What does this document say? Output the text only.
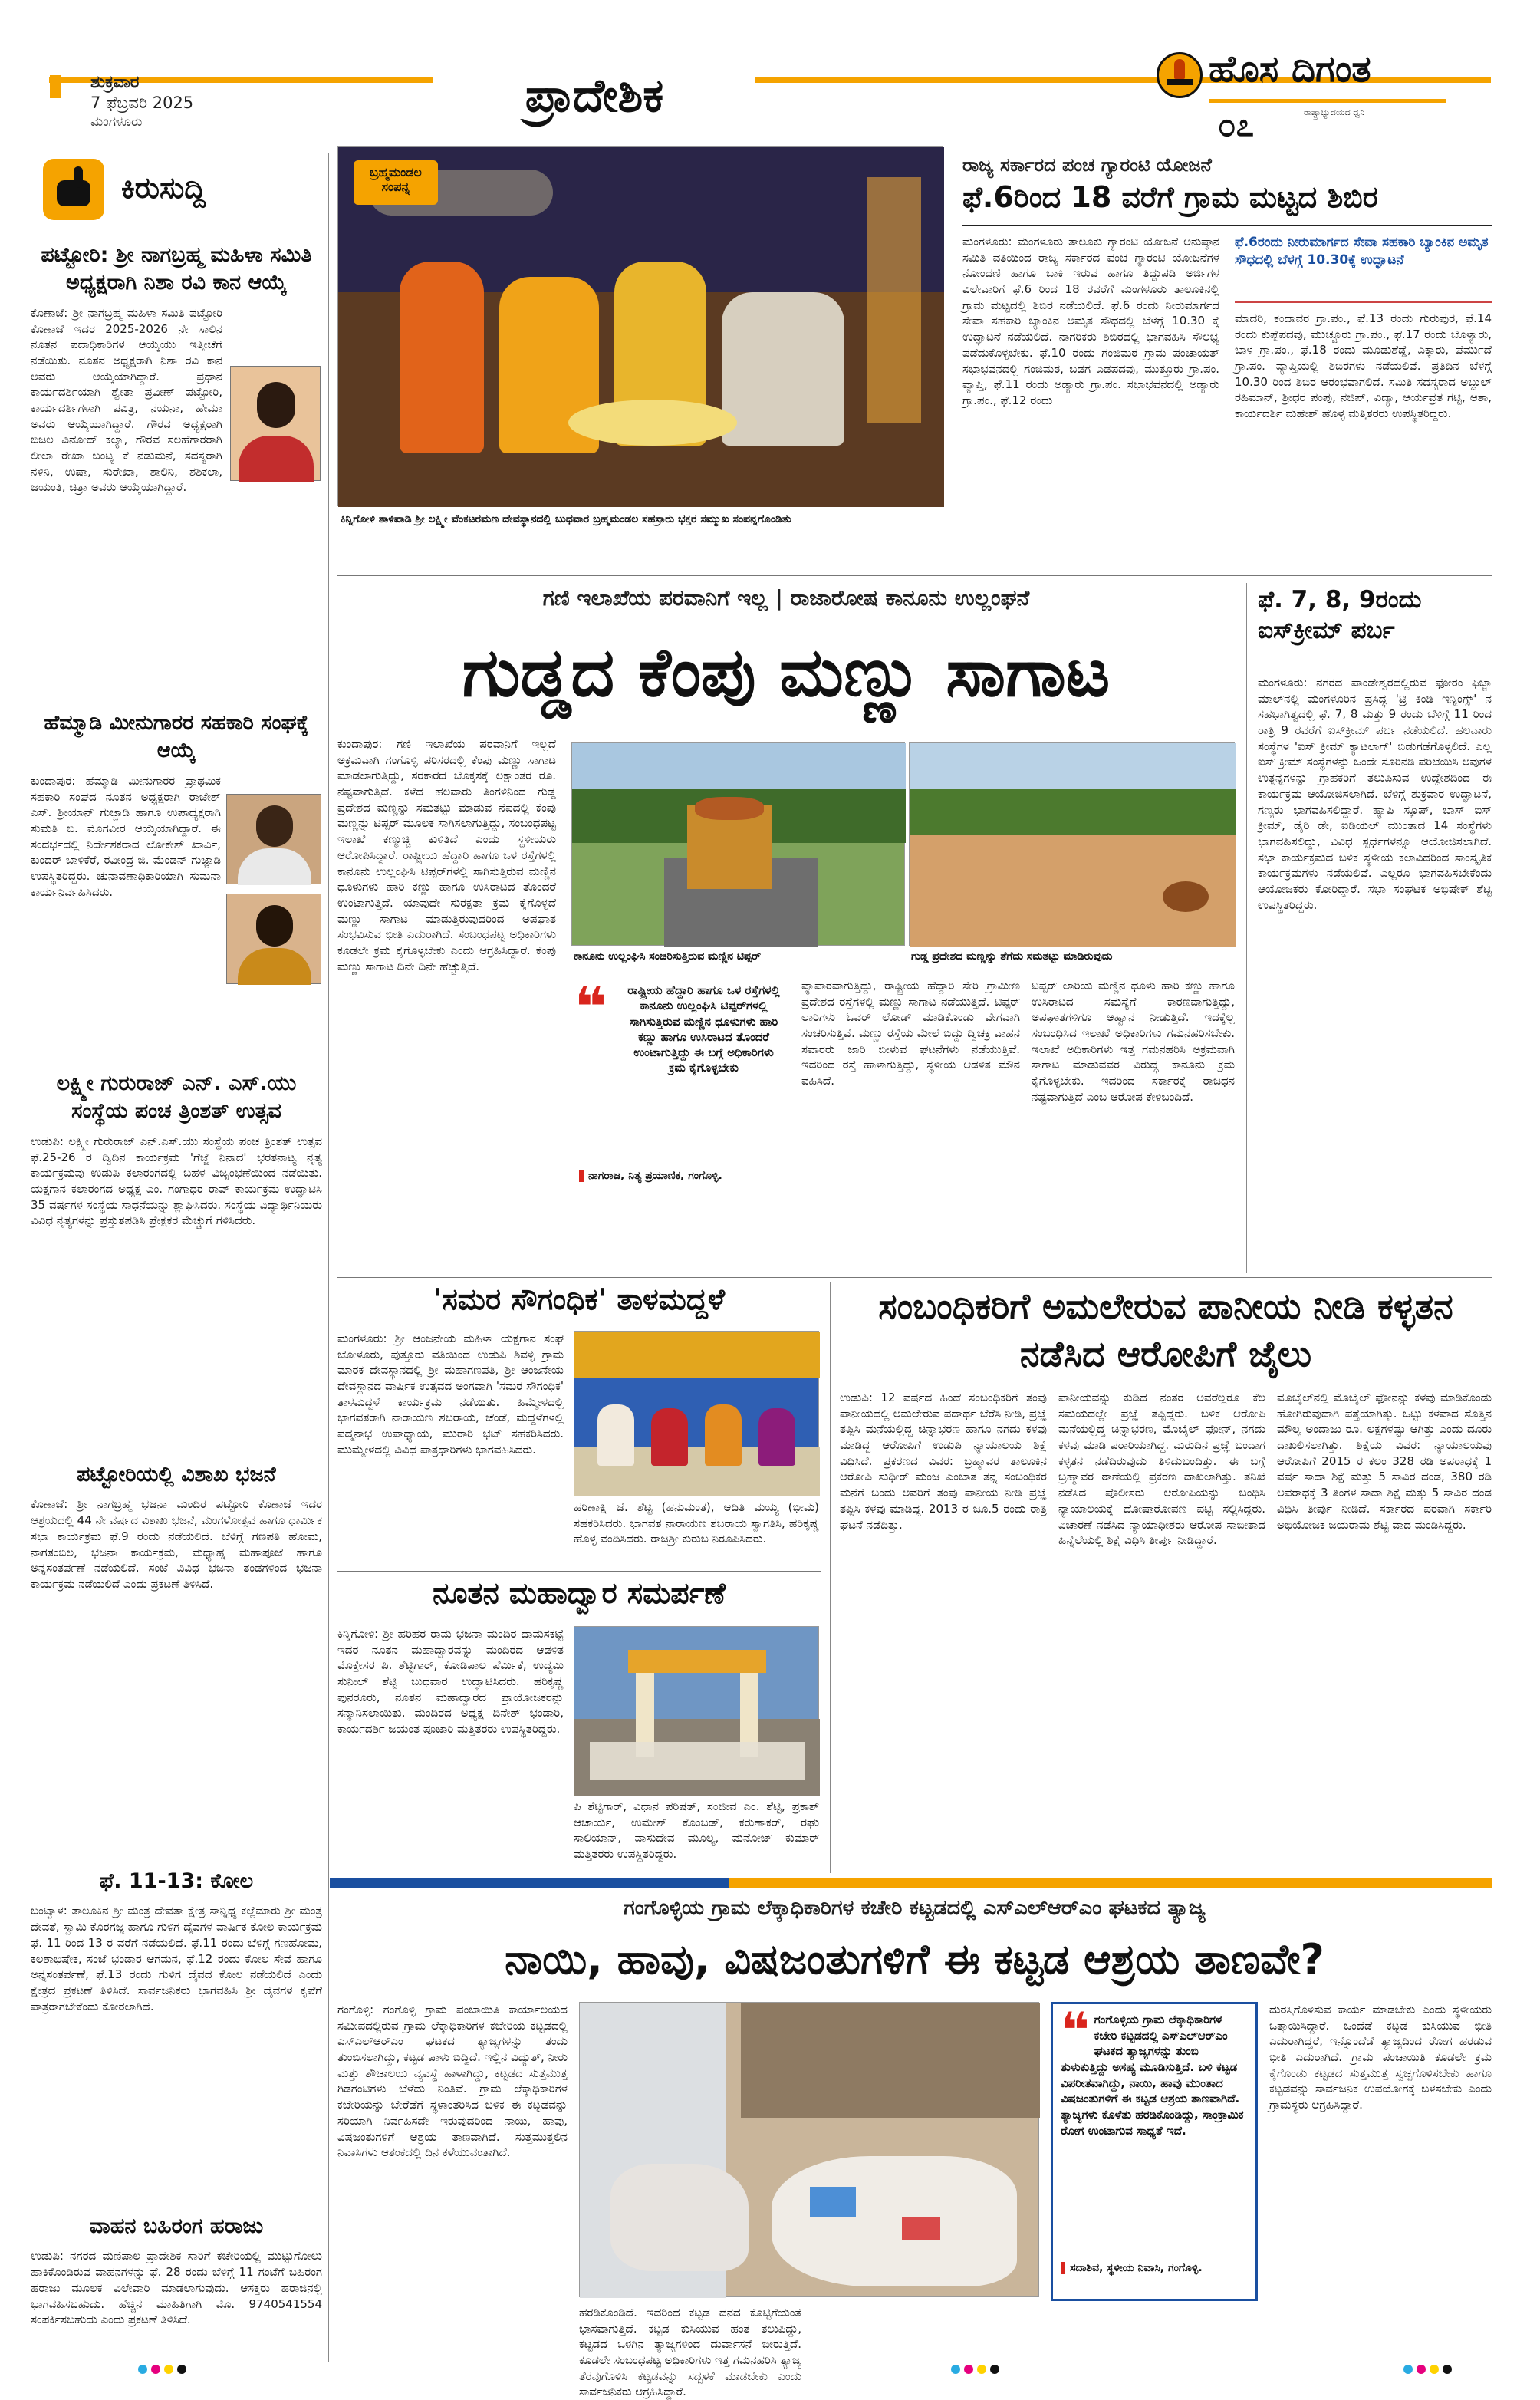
ಶುಕ್ರವಾರ
7 ಫೆಬ್ರವರಿ 2025
ಮಂಗಳೂರು	ಪ್ರಾದೇಶಿಕ	ಹೊಸ ದಿಗಂತ
ರಾಷ್ಟ್ರಾಭ್ಯುದಯದ ಧ್ವನಿ
೦೭
ಕಿರುಸುದ್ದಿ
ಪಟ್ಟೋರಿ: ಶ್ರೀ ನಾಗಬ್ರಹ್ಮ ಮಹಿಳಾ ಸಮಿತಿ ಅಧ್ಯಕ್ಷರಾಗಿ ನಿಶಾ ರವಿ ಕಾನ ಆಯ್ಕೆ
ಕೊಣಾಜೆ: ಶ್ರೀ ನಾಗಬ್ರಹ್ಮ ಮಹಿಳಾ ಸಮಿತಿ ಪಟ್ಟೋರಿ ಕೊಣಾಜೆ ಇದರ 2025-2026 ನೇ ಸಾಲಿನ ನೂತನ ಪದಾಧಿಕಾರಿಗಳ ಆಯ್ಕೆಯು ಇತ್ತೀಚೆಗೆ ನಡೆಯಿತು. ನೂತನ ಅಧ್ಯಕ್ಷರಾಗಿ ನಿಶಾ ರವಿ ಕಾನ ಅವರು ಆಯ್ಕೆಯಾಗಿದ್ದಾರೆ. ಪ್ರಧಾನ ಕಾರ್ಯದರ್ಶಿಯಾಗಿ ಶ್ವೇತಾ ಪ್ರವೀಣ್ ಪಟ್ಟೋರಿ, ಕಾರ್ಯದರ್ಶಿಗಳಾಗಿ ಪವಿತ್ರ, ನಯನಾ, ಹೇಮಾ ಅವರು ಆಯ್ಕೆಯಾಗಿದ್ದಾರೆ. ಗೌರವ ಅಧ್ಯಕ್ಷರಾಗಿ ಬಿಜಲ ವಿನೋದ್ ಕಲ್ಯಾ, ಗೌರವ ಸಲಹೆಗಾರರಾಗಿ ಲೀಲಾ ರೇಖಾ ಬಂಟ್ಯ ಕೆ ನಡುಮನೆ, ಸದಸ್ಯರಾಗಿ ನಳಿನಿ, ಉಷಾ, ಸುರೇಖಾ, ಶಾಲಿನಿ, ಶಶಿಕಲಾ, ಜಯಂತಿ, ಚಿತ್ರಾ ಅವರು ಆಯ್ಕೆಯಾಗಿದ್ದಾರೆ.
ಹೆಮ್ಮಾಡಿ ಮೀನುಗಾರರ ಸಹಕಾರಿ ಸಂಘಕ್ಕೆ ಆಯ್ಕೆ
ಕುಂದಾಪುರ: ಹೆಮ್ಮಾಡಿ ಮೀನುಗಾರರ ಪ್ರಾಥಮಿಕ ಸಹಕಾರಿ ಸಂಘದ ನೂತನ ಅಧ್ಯಕ್ಷರಾಗಿ ರಾಜೇಶ್ ಎಸ್. ಶ್ರೀಯಾನ್ ಗುಜ್ಜಾಡಿ ಹಾಗೂ ಉಪಾಧ್ಯಕ್ಷರಾಗಿ ಸುಮತಿ ಬಿ. ಮೊಗವೀರ ಆಯ್ಕೆಯಾಗಿದ್ದಾರೆ. ಈ ಸಂದರ್ಭದಲ್ಲಿ ನಿರ್ದೇಶಕರಾದ ಲೋಕೇಶ್ ಖಾರ್ವಿ, ಕುಂದರ್ ಬಾಳಿಕೆರೆ, ರವೀಂದ್ರ ಜಿ. ಮೆಂಡನ್ ಗುಜ್ಜಾಡಿ ಉಪಸ್ಥಿತರಿದ್ದರು. ಚುನಾವಣಾಧಿಕಾರಿಯಾಗಿ ಸುಮನಾ ಕಾರ್ಯನಿರ್ವಹಿಸಿದರು.
ಲಕ್ಷ್ಮೀ ಗುರುರಾಜ್ ಎನ್. ಎಸ್.ಯು ಸಂಸ್ಥೆಯ ಪಂಚ ತ್ರಿಂಶತ್ ಉತ್ಸವ
ಉಡುಪಿ: ಲಕ್ಷ್ಮೀ ಗುರುರಾಜ್ ಎನ್.ಎಸ್.ಯು ಸಂಸ್ಥೆಯ ಪಂಚ ತ್ರಿಂಶತ್ ಉತ್ಸವ ಫೆ.25-26 ರ ದ್ವಿದಿನ ಕಾರ್ಯಕ್ರಮ 'ಗೆಜ್ಜೆ ನಿನಾದ' ಭರತನಾಟ್ಯ ನೃತ್ಯ ಕಾರ್ಯಕ್ರಮವು ಉಡುಪಿ ಕಲಾರಂಗದಲ್ಲಿ ಬಹಳ ವಿಜೃಂಭಣೆಯಿಂದ ನಡೆಯಿತು. ಯಕ್ಷಗಾನ ಕಲಾರಂಗದ ಅಧ್ಯಕ್ಷ ಎಂ. ಗಂಗಾಧರ ರಾವ್ ಕಾರ್ಯಕ್ರಮ ಉದ್ಘಾಟಿಸಿ 35 ವರ್ಷಗಳ ಸಂಸ್ಥೆಯ ಸಾಧನೆಯನ್ನು ಶ್ಲಾಘಿಸಿದರು. ಸಂಸ್ಥೆಯ ವಿದ್ಯಾರ್ಥಿನಿಯರು ವಿವಿಧ ನೃತ್ಯಗಳನ್ನು ಪ್ರಸ್ತುತಪಡಿಸಿ ಪ್ರೇಕ್ಷಕರ ಮೆಚ್ಚುಗೆ ಗಳಿಸಿದರು.
ಪಟ್ಟೋರಿಯಲ್ಲಿ ವಿಶಾಖ ಭಜನೆ
ಕೊಣಾಜೆ: ಶ್ರೀ ನಾಗಬ್ರಹ್ಮ ಭಜನಾ ಮಂದಿರ ಪಟ್ಟೋರಿ ಕೊಣಾಜೆ ಇದರ ಆಶ್ರಯದಲ್ಲಿ 44 ನೇ ವರ್ಷದ ವಿಶಾಖ ಭಜನೆ, ಮಂಗಳೋತ್ಸವ ಹಾಗೂ ಧಾರ್ಮಿಕ ಸಭಾ ಕಾರ್ಯಕ್ರಮ ಫೆ.9 ರಂದು ನಡೆಯಲಿದೆ. ಬೆಳಿಗ್ಗೆ ಗಣಪತಿ ಹೋಮ, ನಾಗತಂಬಿಲ, ಭಜನಾ ಕಾರ್ಯಕ್ರಮ, ಮಧ್ಯಾಹ್ನ ಮಹಾಪೂಜೆ ಹಾಗೂ ಅನ್ನಸಂತರ್ಪಣೆ ನಡೆಯಲಿದೆ. ಸಂಜೆ ವಿವಿಧ ಭಜನಾ ತಂಡಗಳಿಂದ ಭಜನಾ ಕಾರ್ಯಕ್ರಮ ನಡೆಯಲಿದೆ ಎಂದು ಪ್ರಕಟಣೆ ತಿಳಿಸಿದೆ.
ಫೆ. 11-13: ಕೋಲ
ಬಂಟ್ವಾಳ: ತಾಲೂಕಿನ ಶ್ರೀ ಮಂತ್ರ ದೇವತಾ ಕ್ಷೇತ್ರ ಸಾನ್ನಿಧ್ಯ ಕಲ್ಲೆಮಾರು ಶ್ರೀ ಮಂತ್ರ ದೇವತೆ, ಸ್ವಾಮಿ ಕೊರಗಜ್ಜ ಹಾಗೂ ಗುಳಿಗ ದೈವಗಳ ವಾರ್ಷಿಕ ಕೋಲ ಕಾರ್ಯಕ್ರಮ ಫೆ. 11 ರಿಂದ 13 ರ ವರೆಗೆ ನಡೆಯಲಿದೆ. ಫೆ.11 ರಂದು ಬೆಳಿಗ್ಗೆ ಗಣಹೋಮ, ಕಲಶಾಭಿಷೇಕ, ಸಂಜೆ ಭಂಡಾರ ಆಗಮನ, ಫೆ.12 ರಂದು ಕೋಲ ಸೇವೆ ಹಾಗೂ ಅನ್ನಸಂತರ್ಪಣೆ, ಫೆ.13 ರಂದು ಗುಳಿಗ ದೈವದ ಕೋಲ ನಡೆಯಲಿದೆ ಎಂದು ಕ್ಷೇತ್ರದ ಪ್ರಕಟಣೆ ತಿಳಿಸಿದೆ. ಸಾರ್ವಜನಿಕರು ಭಾಗವಹಿಸಿ ಶ್ರೀ ದೈವಗಳ ಕೃಪೆಗೆ ಪಾತ್ರರಾಗಬೇಕೆಂದು ಕೋರಲಾಗಿದೆ.
ವಾಹನ ಬಹಿರಂಗ ಹರಾಜು
ಉಡುಪಿ: ನಗರದ ಮಣಿಪಾಲ ಪ್ರಾದೇಶಿಕ ಸಾರಿಗೆ ಕಚೇರಿಯಲ್ಲಿ ಮುಟ್ಟುಗೋಲು ಹಾಕಿಕೊಂಡಿರುವ ವಾಹನಗಳನ್ನು ಫೆ. 28 ರಂದು ಬೆಳಿಗ್ಗೆ 11 ಗಂಟೆಗೆ ಬಹಿರಂಗ ಹರಾಜು ಮೂಲಕ ವಿಲೇವಾರಿ ಮಾಡಲಾಗುವುದು. ಆಸಕ್ತರು ಹರಾಜಿನಲ್ಲಿ ಭಾಗವಹಿಸಬಹುದು. ಹೆಚ್ಚಿನ ಮಾಹಿತಿಗಾಗಿ ಮೊ. 9740541554 ಸಂಪರ್ಕಿಸಬಹುದು ಎಂದು ಪ್ರಕಟಣೆ ತಿಳಿಸಿದೆ.
ಬ್ರಹ್ಮಮಂಡಲ ಸಂಪನ್ನ
ಕಿನ್ನಿಗೋಳಿ ತಾಳಿಪಾಡಿ ಶ್ರೀ ಲಕ್ಷ್ಮೀ ವೆಂಕಟರಮಣ ದೇವಸ್ಥಾನದಲ್ಲಿ ಬುಧವಾರ ಬ್ರಹ್ಮಮಂಡಲ ಸಹಸ್ರಾರು ಭಕ್ತರ ಸಮ್ಮುಖ ಸಂಪನ್ನಗೊಂಡಿತು
ರಾಜ್ಯ ಸರ್ಕಾರದ ಪಂಚ ಗ್ಯಾರಂಟಿ ಯೋಜನೆ
ಫೆ.6ರಿಂದ 18 ವರೆಗೆ ಗ್ರಾಮ ಮಟ್ಟದ ಶಿಬಿರ
ಮಂಗಳೂರು: ಮಂಗಳೂರು ತಾಲೂಕು ಗ್ಯಾರಂಟಿ ಯೋಜನೆ ಅನುಷ್ಠಾನ ಸಮಿತಿ ವತಿಯಿಂದ ರಾಜ್ಯ ಸರ್ಕಾರದ ಪಂಚ ಗ್ಯಾರಂಟಿ ಯೋಜನೆಗಳ ನೋಂದಣಿ ಹಾಗೂ ಬಾಕಿ ಇರುವ ಹಾಗೂ ತಿದ್ದುಪಡಿ ಅರ್ಜಿಗಳ ವಿಲೇವಾರಿಗೆ ಫೆ.6 ರಿಂದ 18 ರವರೆಗೆ ಮಂಗಳೂರು ತಾಲೂಕಿನಲ್ಲಿ ಗ್ರಾಮ ಮಟ್ಟದಲ್ಲಿ ಶಿಬಿರ ನಡೆಯಲಿದೆ. ಫೆ.6 ರಂದು ನೀರುಮಾರ್ಗದ ಸೇವಾ ಸಹಕಾರಿ ಬ್ಯಾಂಕಿನ ಅಮೃತ ಸೌಧದಲ್ಲಿ ಬೆಳಗ್ಗೆ 10.30 ಕ್ಕೆ ಉದ್ಘಾಟನೆ ನಡೆಯಲಿದೆ. ನಾಗರಿಕರು ಶಿಬಿರದಲ್ಲಿ ಭಾಗವಹಿಸಿ ಸೌಲಭ್ಯ ಪಡೆದುಕೊಳ್ಳಬೇಕು. ಫೆ.10 ರಂದು ಗಂಜಿಮಠ ಗ್ರಾಮ ಪಂಚಾಯತ್ ಸಭಾಭವನದಲ್ಲಿ ಗಂಜಿಮಠ, ಬಡಗ ಎಡಪದವು, ಮುತ್ತೂರು ಗ್ರಾ.ಪಂ. ವ್ಯಾಪ್ತಿ, ಫೆ.11 ರಂದು ಅಡ್ಯಾರು ಗ್ರಾ.ಪಂ. ಸಭಾಭವನದಲ್ಲಿ ಅಡ್ಯಾರು ಗ್ರಾ.ಪಂ., ಫೆ.12 ರಂದು
ಫೆ.6ರಂದು ನೀರುಮಾರ್ಗದ ಸೇವಾ ಸಹಕಾರಿ ಬ್ಯಾಂಕಿನ ಅಮೃತ ಸೌಧದಲ್ಲಿ ಬೆಳಗ್ಗೆ 10.30ಕ್ಕೆ ಉದ್ಘಾಟನೆ
ಮಾದರಿ, ಕಂದಾವರ ಗ್ರಾ.ಪಂ., ಫೆ.13 ರಂದು ಗುರುಪುರ, ಫೆ.14 ರಂದು ಕುಪ್ಪೆಪದವು, ಮುಚ್ಚೂರು ಗ್ರಾ.ಪಂ., ಫೆ.17 ರಂದು ಬೊಳ್ಯಾರು, ಬಾಳ ಗ್ರಾ.ಪಂ., ಫೆ.18 ರಂದು ಮೂಡುಶೆಡ್ಡೆ, ಎಕ್ಕಾರು, ಪೆರ್ಮುದೆ ಗ್ರಾ.ಪಂ. ವ್ಯಾಪ್ತಿಯಲ್ಲಿ ಶಿಬಿರಗಳು ನಡೆಯಲಿವೆ. ಪ್ರತಿದಿನ ಬೆಳಗ್ಗೆ 10.30 ರಿಂದ ಶಿಬಿರ ಆರಂಭವಾಗಲಿದೆ. ಸಮಿತಿ ಸದಸ್ಯರಾದ ಅಬ್ದುಲ್ ರಹಿಮಾನ್, ಶ್ರೀಧರ ಪಂಪು, ನಜಿಪ್, ವಿದ್ಯಾ, ಆರ್ಯವ್ರತ ಗಟ್ಟಿ, ಆಶಾ, ಕಾರ್ಯದರ್ಶಿ ಮಹೇಶ್ ಹೊಳ್ಳ ಮತ್ತಿತರರು ಉಪಸ್ಥಿತರಿದ್ದರು.
ಗಣಿ ಇಲಾಖೆಯ ಪರವಾನಿಗೆ ಇಲ್ಲ | ರಾಜಾರೋಷ ಕಾನೂನು ಉಲ್ಲಂಘನೆ
ಗುಡ್ಡದ ಕೆಂಪು ಮಣ್ಣು ಸಾಗಾಟ
ಕುಂದಾಪುರ: ಗಣಿ ಇಲಾಖೆಯ ಪರವಾನಿಗೆ ಇಲ್ಲದೆ ಅಕ್ರಮವಾಗಿ ಗಂಗೊಳ್ಳಿ ಪರಿಸರದಲ್ಲಿ ಕೆಂಪು ಮಣ್ಣು ಸಾಗಾಟ ಮಾಡಲಾಗುತ್ತಿದ್ದು, ಸರಕಾರದ ಬೊಕ್ಕಸಕ್ಕೆ ಲಕ್ಷಾಂತರ ರೂ. ನಷ್ಟವಾಗುತ್ತಿದೆ. ಕಳೆದ ಹಲವಾರು ತಿಂಗಳಿನಿಂದ ಗುಡ್ಡ ಪ್ರದೇಶದ ಮಣ್ಣನ್ನು ಸಮತಟ್ಟು ಮಾಡುವ ನೆಪದಲ್ಲಿ ಕೆಂಪು ಮಣ್ಣನ್ನು ಟಿಪ್ಪರ್ ಮೂಲಕ ಸಾಗಿಸಲಾಗುತ್ತಿದ್ದು, ಸಂಬಂಧಪಟ್ಟ ಇಲಾಖೆ ಕಣ್ಮುಚ್ಚಿ ಕುಳಿತಿದೆ ಎಂದು ಸ್ಥಳೀಯರು ಆರೋಪಿಸಿದ್ದಾರೆ. ರಾಷ್ಟ್ರೀಯ ಹೆದ್ದಾರಿ ಹಾಗೂ ಒಳ ರಸ್ತೆಗಳಲ್ಲಿ ಕಾನೂನು ಉಲ್ಲಂಘಿಸಿ ಟಿಪ್ಪರ್‌ಗಳಲ್ಲಿ ಸಾಗಿಸುತ್ತಿರುವ ಮಣ್ಣಿನ ಧೂಳುಗಳು ಹಾರಿ ಕಣ್ಣು ಹಾಗೂ ಉಸಿರಾಟದ ತೊಂದರೆ ಉಂಟಾಗುತ್ತಿದೆ. ಯಾವುದೇ ಸುರಕ್ಷತಾ ಕ್ರಮ ಕೈಗೊಳ್ಳದೆ ಮಣ್ಣು ಸಾಗಾಟ ಮಾಡುತ್ತಿರುವುದರಿಂದ ಅಪಘಾತ ಸಂಭವಿಸುವ ಭೀತಿ ಎದುರಾಗಿದೆ. ಸಂಬಂಧಪಟ್ಟ ಅಧಿಕಾರಿಗಳು ಕೂಡಲೇ ಕ್ರಮ ಕೈಗೊಳ್ಳಬೇಕು ಎಂದು ಆಗ್ರಹಿಸಿದ್ದಾರೆ. ಕೆಂಪು ಮಣ್ಣು ಸಾಗಾಟ ದಿನೇ ದಿನೇ ಹೆಚ್ಚುತ್ತಿದೆ.
ಕಾನೂನು ಉಲ್ಲಂಘಿಸಿ ಸಂಚರಿಸುತ್ತಿರುವ ಮಣ್ಣಿನ ಟಿಪ್ಪರ್	ಗುಡ್ಡ ಪ್ರದೇಶದ ಮಣ್ಣನ್ನು ತೆಗೆದು ಸಮತಟ್ಟು ಮಾಡಿರುವುದು
❝ ರಾಷ್ಟ್ರೀಯ ಹೆದ್ದಾರಿ ಹಾಗೂ ಒಳ ರಸ್ತೆಗಳಲ್ಲಿ ಕಾನೂನು ಉಲ್ಲಂಘಿಸಿ ಟಿಪ್ಪರ್‌ಗಳಲ್ಲಿ ಸಾಗಿಸುತ್ತಿರುವ ಮಣ್ಣಿನ ಧೂಳುಗಳು ಹಾರಿ ಕಣ್ಣು ಹಾಗೂ ಉಸಿರಾಟದ ತೊಂದರೆ ಉಂಟಾಗುತ್ತಿದ್ದು ಈ ಬಗ್ಗೆ ಅಧಿಕಾರಿಗಳು ಕ್ರಮ ಕೈಗೊಳ್ಳಬೇಕು
ನಾಗರಾಜ, ನಿತ್ಯ ಪ್ರಯಾಣಿಕ, ಗಂಗೊಳ್ಳಿ.
ವ್ಯಾಪಾರವಾಗುತ್ತಿದ್ದು, ರಾಷ್ಟ್ರೀಯ ಹೆದ್ದಾರಿ ಸೇರಿ ಗ್ರಾಮೀಣ ಪ್ರದೇಶದ ರಸ್ತೆಗಳಲ್ಲಿ ಮಣ್ಣು ಸಾಗಾಟ ನಡೆಯುತ್ತಿದೆ. ಟಿಪ್ಪರ್ ಲಾರಿಗಳು ಓವರ್ ಲೋಡ್ ಮಾಡಿಕೊಂಡು ವೇಗವಾಗಿ ಸಂಚರಿಸುತ್ತಿವೆ. ಮಣ್ಣು ರಸ್ತೆಯ ಮೇಲೆ ಬಿದ್ದು ದ್ವಿಚಕ್ರ ವಾಹನ ಸವಾರರು ಜಾರಿ ಬೀಳುವ ಘಟನೆಗಳು ನಡೆಯುತ್ತಿವೆ. ಇದರಿಂದ ರಸ್ತೆ ಹಾಳಾಗುತ್ತಿದ್ದು, ಸ್ಥಳೀಯ ಆಡಳಿತ ಮೌನ ವಹಿಸಿದೆ.
ಟಿಪ್ಪರ್ ಲಾರಿಯ ಮಣ್ಣಿನ ಧೂಳು ಹಾರಿ ಕಣ್ಣು ಹಾಗೂ ಉಸಿರಾಟದ ಸಮಸ್ಯೆಗೆ ಕಾರಣವಾಗುತ್ತಿದ್ದು, ಅಪಘಾತಗಳಿಗೂ ಆಹ್ವಾನ ನೀಡುತ್ತಿದೆ. ಇದಕ್ಕೆಲ್ಲ ಸಂಬಂಧಿಸಿದ ಇಲಾಖೆ ಅಧಿಕಾರಿಗಳು ಗಮನಹರಿಸಬೇಕು. ಇಲಾಖೆ ಅಧಿಕಾರಿಗಳು ಇತ್ತ ಗಮನಹರಿಸಿ ಅಕ್ರಮವಾಗಿ ಸಾಗಾಟ ಮಾಡುವವರ ವಿರುದ್ಧ ಕಾನೂನು ಕ್ರಮ ಕೈಗೊಳ್ಳಬೇಕು. ಇದರಿಂದ ಸರ್ಕಾರಕ್ಕೆ ರಾಜಧನ ನಷ್ಟವಾಗುತ್ತಿದೆ ಎಂಬ ಆರೋಪ ಕೇಳಿಬಂದಿದೆ.
ಫೆ. 7, 8, 9ರಂದು ಐಸ್‌ಕ್ರೀಮ್ ಪರ್ಬ
ಮಂಗಳೂರು: ನಗರದ ಪಾಂಡೇಶ್ವರದಲ್ಲಿರುವ ಫೋರಂ ಫಿಜ್ಜಾ ಮಾಲ್‌ನಲ್ಲಿ ಮಂಗಳೂರಿನ ಪ್ರಸಿದ್ಧ 'ಟ್ರಿ ಕಿಂಡಿ ಇನ್ನಿಂಗ್ಸ್' ನ ಸಹಭಾಗಿತ್ವದಲ್ಲಿ ಫೆ. 7, 8 ಮತ್ತು 9 ರಂದು ಬೆಳಿಗ್ಗೆ 11 ರಿಂದ ರಾತ್ರಿ 9 ರವರೆಗೆ ಐಸ್‌ಕ್ರೀಮ್ ಪರ್ಬ ನಡೆಯಲಿದೆ. ಹಲವಾರು ಸಂಸ್ಥೆಗಳ 'ಐಸ್ ಕ್ರೀಮ್ ಕ್ಯಾಟಲಾಗ್' ಬಿಡುಗಡೆಗೊಳ್ಳಲಿದೆ. ಎಲ್ಲ ಐಸ್ ಕ್ರೀಮ್ ಸಂಸ್ಥೆಗಳನ್ನು ಒಂದೇ ಸೂರಿನಡಿ ಪರಿಚಯಿಸಿ ಅವುಗಳ ಉತ್ಪನ್ನಗಳನ್ನು ಗ್ರಾಹಕರಿಗೆ ತಲುಪಿಸುವ ಉದ್ದೇಶದಿಂದ ಈ ಕಾರ್ಯಕ್ರಮ ಆಯೋಜಿಸಲಾಗಿದೆ. ಬೆಳಿಗ್ಗೆ ಶುಕ್ರವಾರ ಉದ್ಘಾಟನೆ, ಗಣ್ಯರು ಭಾಗವಹಿಸಲಿದ್ದಾರೆ. ಹ್ಯಾಪಿ ಸ್ಕೂಪ್, ಬಾಸ್ ಐಸ್ ಕ್ರೀಮ್, ಡೈರಿ ಡೇ, ಐಡಿಯಲ್ ಮುಂತಾದ 14 ಸಂಸ್ಥೆಗಳು ಭಾಗವಹಿಸಲಿದ್ದು, ವಿವಿಧ ಸ್ಪರ್ಧೆಗಳನ್ನೂ ಆಯೋಜಿಸಲಾಗಿದೆ. ಸಭಾ ಕಾರ್ಯಕ್ರಮದ ಬಳಿಕ ಸ್ಥಳೀಯ ಕಲಾವಿದರಿಂದ ಸಾಂಸ್ಕೃತಿಕ ಕಾರ್ಯಕ್ರಮಗಳು ನಡೆಯಲಿವೆ. ಎಲ್ಲರೂ ಭಾಗವಹಿಸಬೇಕೆಂದು ಆಯೋಜಕರು ಕೋರಿದ್ದಾರೆ. ಸಭಾ ಸಂಘಟಕ ಅಭಿಷೇಕ್ ಶೆಟ್ಟಿ ಉಪಸ್ಥಿತರಿದ್ದರು.
'ಸಮರ ಸೌಗಂಧಿಕ' ತಾಳಮದ್ದಳೆ
ಮಂಗಳೂರು: ಶ್ರೀ ಆಂಜನೇಯ ಮಹಿಳಾ ಯಕ್ಷಗಾನ ಸಂಘ ಬೋಳೂರು, ಪುತ್ತೂರು ವತಿಯಿಂದ ಉಡುಪಿ ಶಿವಳ್ಳಿ ಗ್ರಾಮ ಮಾರಕ ದೇವಸ್ಥಾನದಲ್ಲಿ ಶ್ರೀ ಮಹಾಗಣಪತಿ, ಶ್ರೀ ಆಂಜನೇಯ ದೇವಸ್ಥಾನದ ವಾರ್ಷಿಕ ಉತ್ಸವದ ಅಂಗವಾಗಿ 'ಸಮರ ಸೌಗಂಧಿಕ' ತಾಳಮದ್ದಳೆ ಕಾರ್ಯಕ್ರಮ ನಡೆಯಿತು. ಹಿಮ್ಮೇಳದಲ್ಲಿ ಭಾಗವತರಾಗಿ ನಾರಾಯಣ ಶಬರಾಯ, ಚೆಂಡೆ, ಮದ್ದಳೆಗಳಲ್ಲಿ ಪದ್ಮನಾಭ ಉಪಾಧ್ಯಾಯ, ಮುರಾರಿ ಭಟ್ ಸಹಕರಿಸಿದರು. ಮುಮ್ಮೇಳದಲ್ಲಿ ವಿವಿಧ ಪಾತ್ರಧಾರಿಗಳು ಭಾಗವಹಿಸಿದರು.
ಹರಿಣಾಕ್ಷಿ ಜೆ. ಶೆಟ್ಟಿ (ಹನುಮಂತ), ಆದಿತಿ ಮಯ್ಯ (ಭೀಮ) ಸಹಕರಿಸಿದರು. ಭಾಗವತ ನಾರಾಯಣ ಶಬರಾಯ ಸ್ವಾಗತಿಸಿ, ಹರಿಕೃಷ್ಣ ಹೊಳ್ಳ ವಂದಿಸಿದರು. ರಾಜಶ್ರೀ ಕುರುಬ ನಿರೂಪಿಸಿದರು.
ನೂತನ ಮಹಾದ್ವಾರ ಸಮರ್ಪಣೆ
ಕಿನ್ನಿಗೋಳಿ: ಶ್ರೀ ಹರಿಹರ ರಾಮ ಭಜನಾ ಮಂದಿರ ದಾಮಸಕಟ್ಟೆ ಇದರ ನೂತನ ಮಹಾದ್ವಾರವನ್ನು ಮಂದಿರದ ಆಡಳಿತ ಮೊಕ್ತೇಸರ ಪಿ. ಶೆಟ್ಟಿಗಾರ್, ಕೋಡಿಪಾಲ ಪೆರ್ಮಿಕೆ, ಉದ್ಯಮಿ ಸುನೀಲ್ ಶೆಟ್ಟಿ ಬುಧವಾರ ಉದ್ಘಾಟಿಸಿದರು. ಹರಿಕೃಷ್ಣ ಪುನರೂರು, ನೂತನ ಮಹಾದ್ವಾರದ ಪ್ರಾಯೋಜಕರನ್ನು ಸನ್ಮಾನಿಸಲಾಯಿತು. ಮಂದಿರದ ಅಧ್ಯಕ್ಷ ದಿನೇಶ್ ಭಂಡಾರಿ, ಕಾರ್ಯದರ್ಶಿ ಜಯಂತ ಪೂಜಾರಿ ಮತ್ತಿತರರು ಉಪಸ್ಥಿತರಿದ್ದರು.
ಪಿ ಶೆಟ್ಟಿಗಾರ್, ವಿಧಾನ ಪರಿಷತ್, ಸಂಜೀವ ಎಂ. ಶೆಟ್ಟಿ, ಪ್ರಕಾಶ್ ಆಚಾರ್ಯ, ಉಮೇಶ್ ಕೊಂಬಡ್, ಕರುಣಾಕರ್, ರಘು ಸಾಲಿಯಾನ್, ವಾಸುದೇವ ಮೂಲ್ಯ, ಮನೋಜ್ ಕುಮಾರ್ ಮತ್ತಿತರರು ಉಪಸ್ಥಿತರಿದ್ದರು.
ಸಂಬಂಧಿಕರಿಗೆ ಅಮಲೇರುವ ಪಾನೀಯ ನೀಡಿ ಕಳ್ಳತನ ನಡೆಸಿದ ಆರೋಪಿಗೆ ಜೈಲು
ಉಡುಪಿ: 12 ವರ್ಷದ ಹಿಂದೆ ಸಂಬಂಧಿಕರಿಗೆ ತಂಪು ಪಾನೀಯದಲ್ಲಿ ಅಮಲೇರುವ ಪದಾರ್ಥ ಬೆರೆಸಿ ನೀಡಿ, ಪ್ರಜ್ಞೆ ತಪ್ಪಿಸಿ ಮನೆಯಲ್ಲಿದ್ದ ಚಿನ್ನಾಭರಣ ಹಾಗೂ ನಗದು ಕಳವು ಮಾಡಿದ್ದ ಆರೋಪಿಗೆ ಉಡುಪಿ ನ್ಯಾಯಾಲಯ ಶಿಕ್ಷೆ ವಿಧಿಸಿದೆ. ಪ್ರಕರಣದ ವಿವರ: ಬ್ರಹ್ಮಾವರ ತಾಲೂಕಿನ ಆರೋಪಿ ಸುಧೀರ್ ಮಂಜ ಎಂಬಾತ ತನ್ನ ಸಂಬಂಧಿಕರ ಮನೆಗೆ ಬಂದು ಅವರಿಗೆ ತಂಪು ಪಾನೀಯ ನೀಡಿ ಪ್ರಜ್ಞೆ ತಪ್ಪಿಸಿ ಕಳವು ಮಾಡಿದ್ದ. 2013 ರ ಜೂ.5 ರಂದು ರಾತ್ರಿ ಘಟನೆ ನಡೆದಿತ್ತು.
ಪಾನೀಯವನ್ನು ಕುಡಿದ ನಂತರ ಅವರೆಲ್ಲರೂ ಕೆಲ ಸಮಯದಲ್ಲೇ ಪ್ರಜ್ಞೆ ತಪ್ಪಿದ್ದರು. ಬಳಿಕ ಆರೋಪಿ ಮನೆಯಲ್ಲಿದ್ದ ಚಿನ್ನಾಭರಣ, ಮೊಬೈಲ್ ಫೋನ್, ನಗದು ಕಳವು ಮಾಡಿ ಪರಾರಿಯಾಗಿದ್ದ. ಮರುದಿನ ಪ್ರಜ್ಞೆ ಬಂದಾಗ ಕಳ್ಳತನ ನಡೆದಿರುವುದು ತಿಳಿದುಬಂದಿತ್ತು. ಈ ಬಗ್ಗೆ ಬ್ರಹ್ಮಾವರ ಠಾಣೆಯಲ್ಲಿ ಪ್ರಕರಣ ದಾಖಲಾಗಿತ್ತು. ತನಿಖೆ ನಡೆಸಿದ ಪೊಲೀಸರು ಆರೋಪಿಯನ್ನು ಬಂಧಿಸಿ ನ್ಯಾಯಾಲಯಕ್ಕೆ ದೋಷಾರೋಪಣ ಪಟ್ಟಿ ಸಲ್ಲಿಸಿದ್ದರು. ವಿಚಾರಣೆ ನಡೆಸಿದ ನ್ಯಾಯಾಧೀಶರು ಆರೋಪ ಸಾಬೀತಾದ ಹಿನ್ನೆಲೆಯಲ್ಲಿ ಶಿಕ್ಷೆ ವಿಧಿಸಿ ತೀರ್ಪು ನೀಡಿದ್ದಾರೆ.
ಮೊಬೈಲ್‌ನಲ್ಲಿ ಮೊಬೈಲ್ ಫೋನನ್ನು ಕಳವು ಮಾಡಿಕೊಂಡು ಹೋಗಿರುವುದಾಗಿ ಪತ್ತೆಯಾಗಿತ್ತು. ಒಟ್ಟು ಕಳವಾದ ಸೊತ್ತಿನ ಮೌಲ್ಯ ಅಂದಾಜು ರೂ. ಲಕ್ಷಗಳಷ್ಟು ಆಗಿತ್ತು ಎಂದು ದೂರು ದಾಖಲಿಸಲಾಗಿತ್ತು. ಶಿಕ್ಷೆಯ ವಿವರ: ನ್ಯಾಯಾಲಯವು ಆರೋಪಿಗೆ 2015 ರ ಕಲಂ 328 ರಡಿ ಅಪರಾಧಕ್ಕೆ 1 ವರ್ಷ ಸಾದಾ ಶಿಕ್ಷೆ ಮತ್ತು 5 ಸಾವಿರ ದಂಡ, 380 ರಡಿ ಅಪರಾಧಕ್ಕೆ 3 ತಿಂಗಳ ಸಾದಾ ಶಿಕ್ಷೆ ಮತ್ತು 5 ಸಾವಿರ ದಂಡ ವಿಧಿಸಿ ತೀರ್ಪು ನೀಡಿದೆ. ಸರ್ಕಾರದ ಪರವಾಗಿ ಸರ್ಕಾರಿ ಅಭಿಯೋಜಕ ಜಯರಾಮ ಶೆಟ್ಟಿ ವಾದ ಮಂಡಿಸಿದ್ದರು.
ಗಂಗೊಳ್ಳಿಯ ಗ್ರಾಮ ಲೆಕ್ಕಾಧಿಕಾರಿಗಳ ಕಚೇರಿ ಕಟ್ಟಡದಲ್ಲಿ ಎಸ್‌ಎಲ್‌ಆರ್‌ಎಂ ಘಟಕದ ತ್ಯಾಜ್ಯ
ನಾಯಿ, ಹಾವು, ವಿಷಜಂತುಗಳಿಗೆ ಈ ಕಟ್ಟಡ ಆಶ್ರಯ ತಾಣವೇ?
ಗಂಗೊಳ್ಳಿ: ಗಂಗೊಳ್ಳಿ ಗ್ರಾಮ ಪಂಚಾಯಿತಿ ಕಾರ್ಯಾಲಯದ ಸಮೀಪದಲ್ಲಿರುವ ಗ್ರಾಮ ಲೆಕ್ಕಾಧಿಕಾರಿಗಳ ಕಚೇರಿಯ ಕಟ್ಟಡದಲ್ಲಿ ಎಸ್‌ಎಲ್‌ಆರ್‌ಎಂ ಘಟಕದ ತ್ಯಾಜ್ಯಗಳನ್ನು ತಂದು ತುಂಬಿಸಲಾಗಿದ್ದು, ಕಟ್ಟಡ ಪಾಳು ಬಿದ್ದಿದೆ. ಇಲ್ಲಿನ ವಿದ್ಯುತ್, ನೀರು ಮತ್ತು ಶೌಚಾಲಯ ವ್ಯವಸ್ಥೆ ಹಾಳಾಗಿದ್ದು, ಕಟ್ಟಡದ ಸುತ್ತಮುತ್ತ ಗಿಡಗಂಟಿಗಳು ಬೆಳೆದು ನಿಂತಿವೆ. ಗ್ರಾಮ ಲೆಕ್ಕಾಧಿಕಾರಿಗಳ ಕಚೇರಿಯನ್ನು ಬೇರೆಡೆಗೆ ಸ್ಥಳಾಂತರಿಸಿದ ಬಳಿಕ ಈ ಕಟ್ಟಡವನ್ನು ಸರಿಯಾಗಿ ನಿರ್ವಹಿಸದೇ ಇರುವುದರಿಂದ ನಾಯಿ, ಹಾವು, ವಿಷಜಂತುಗಳಿಗೆ ಆಶ್ರಯ ತಾಣವಾಗಿದೆ. ಸುತ್ತಮುತ್ತಲಿನ ನಿವಾಸಿಗಳು ಆತಂಕದಲ್ಲಿ ದಿನ ಕಳೆಯುವಂತಾಗಿದೆ.
ಹರಡಿಕೊಂಡಿದೆ. ಇದರಿಂದ ಕಟ್ಟಡ ದನದ ಕೊಟ್ಟಿಗೆಯಂತೆ ಭಾಸವಾಗುತ್ತಿದೆ. ಕಟ್ಟಡ ಕುಸಿಯುವ ಹಂತ ತಲುಪಿದ್ದು, ಕಟ್ಟಡದ ಒಳಗಿನ ತ್ಯಾಜ್ಯಗಳಿಂದ ದುರ್ವಾಸನೆ ಬೀರುತ್ತಿದೆ. ಕೂಡಲೇ ಸಂಬಂಧಪಟ್ಟ ಅಧಿಕಾರಿಗಳು ಇತ್ತ ಗಮನಹರಿಸಿ ತ್ಯಾಜ್ಯ ತೆರವುಗೊಳಿಸಿ ಕಟ್ಟಡವನ್ನು ಸದ್ಬಳಕೆ ಮಾಡಬೇಕು ಎಂದು ಸಾರ್ವಜನಿಕರು ಆಗ್ರಹಿಸಿದ್ದಾರೆ.
❝ ಗಂಗೊಳ್ಳಿಯ ಗ್ರಾಮ ಲೆಕ್ಕಾಧಿಕಾರಿಗಳ ಕಚೇರಿ ಕಟ್ಟಡದಲ್ಲಿ ಎಸ್‌ಎಲ್‌ಆರ್‌ಎಂ ಘಟಕದ ತ್ಯಾಜ್ಯಗಳನ್ನು ತುಂಬಿ ತುಳುಕುತ್ತಿದ್ದು ಅಸಹ್ಯ ಮೂಡಿಸುತ್ತಿದೆ. ಬಳಿ ಕಟ್ಟಡ ವಿಪರೀತವಾಗಿದ್ದು, ನಾಯಿ, ಹಾವು ಮುಂತಾದ ವಿಷಜಂತುಗಳಿಗೆ ಈ ಕಟ್ಟಡ ಆಶ್ರಯ ತಾಣವಾಗಿದೆ. ತ್ಯಾಜ್ಯಗಳು ಕೊಳೆತು ಹರಡಿಕೊಂಡಿದ್ದು, ಸಾಂಕ್ರಾಮಿಕ ರೋಗ ಉಂಟಾಗುವ ಸಾಧ್ಯತೆ ಇದೆ.
ಸದಾಶಿವ, ಸ್ಥಳೀಯ ನಿವಾಸಿ, ಗಂಗೊಳ್ಳಿ.
ದುರಸ್ತಿಗೊಳಿಸುವ ಕಾರ್ಯ ಮಾಡಬೇಕು ಎಂದು ಸ್ಥಳೀಯರು ಒತ್ತಾಯಿಸಿದ್ದಾರೆ. ಒಂದೆಡೆ ಕಟ್ಟಡ ಕುಸಿಯುವ ಭೀತಿ ಎದುರಾಗಿದ್ದರೆ, ಇನ್ನೊಂದೆಡೆ ತ್ಯಾಜ್ಯದಿಂದ ರೋಗ ಹರಡುವ ಭೀತಿ ಎದುರಾಗಿದೆ. ಗ್ರಾಮ ಪಂಚಾಯಿತಿ ಕೂಡಲೇ ಕ್ರಮ ಕೈಗೊಂಡು ಕಟ್ಟಡದ ಸುತ್ತಮುತ್ತ ಸ್ವಚ್ಛಗೊಳಿಸಬೇಕು ಹಾಗೂ ಕಟ್ಟಡವನ್ನು ಸಾರ್ವಜನಿಕ ಉಪಯೋಗಕ್ಕೆ ಬಳಸಬೇಕು ಎಂದು ಗ್ರಾಮಸ್ಥರು ಆಗ್ರಹಿಸಿದ್ದಾರೆ.
